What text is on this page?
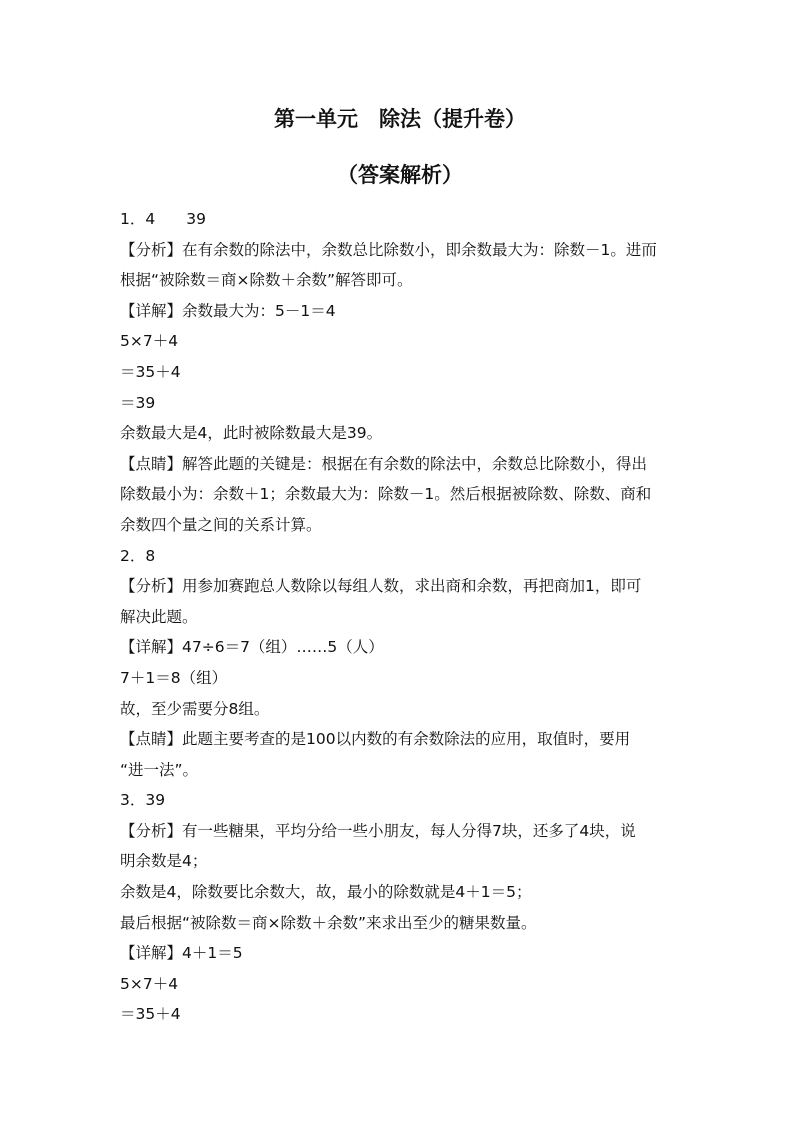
第一单元　除法（提升卷）
（答案解析）
1．4　　39
【分析】在有余数的除法中，余数总比除数小，即余数最大为：除数－1。进而
根据“被除数＝商×除数＋余数”解答即可。
【详解】余数最大为：5－1＝4
5×7＋4
＝35＋4
＝39
余数最大是4，此时被除数最大是39。
【点睛】解答此题的关键是：根据在有余数的除法中，余数总比除数小，得出
除数最小为：余数＋1；余数最大为：除数－1。然后根据被除数、除数、商和
余数四个量之间的关系计算。
2．8
【分析】用参加赛跑总人数除以每组人数，求出商和余数，再把商加1，即可
解决此题。
【详解】47÷6＝7（组）……5（人）
7＋1＝8（组）
故，至少需要分8组。
【点睛】此题主要考查的是100以内数的有余数除法的应用，取值时，要用
“进一法”。
3．39
【分析】有一些糖果，平均分给一些小朋友，每人分得7块，还多了4块，说
明余数是4；
余数是4，除数要比余数大，故，最小的除数就是4＋1＝5；
最后根据“被除数＝商×除数＋余数”来求出至少的糖果数量。
【详解】4＋1＝5
5×7＋4
＝35＋4
